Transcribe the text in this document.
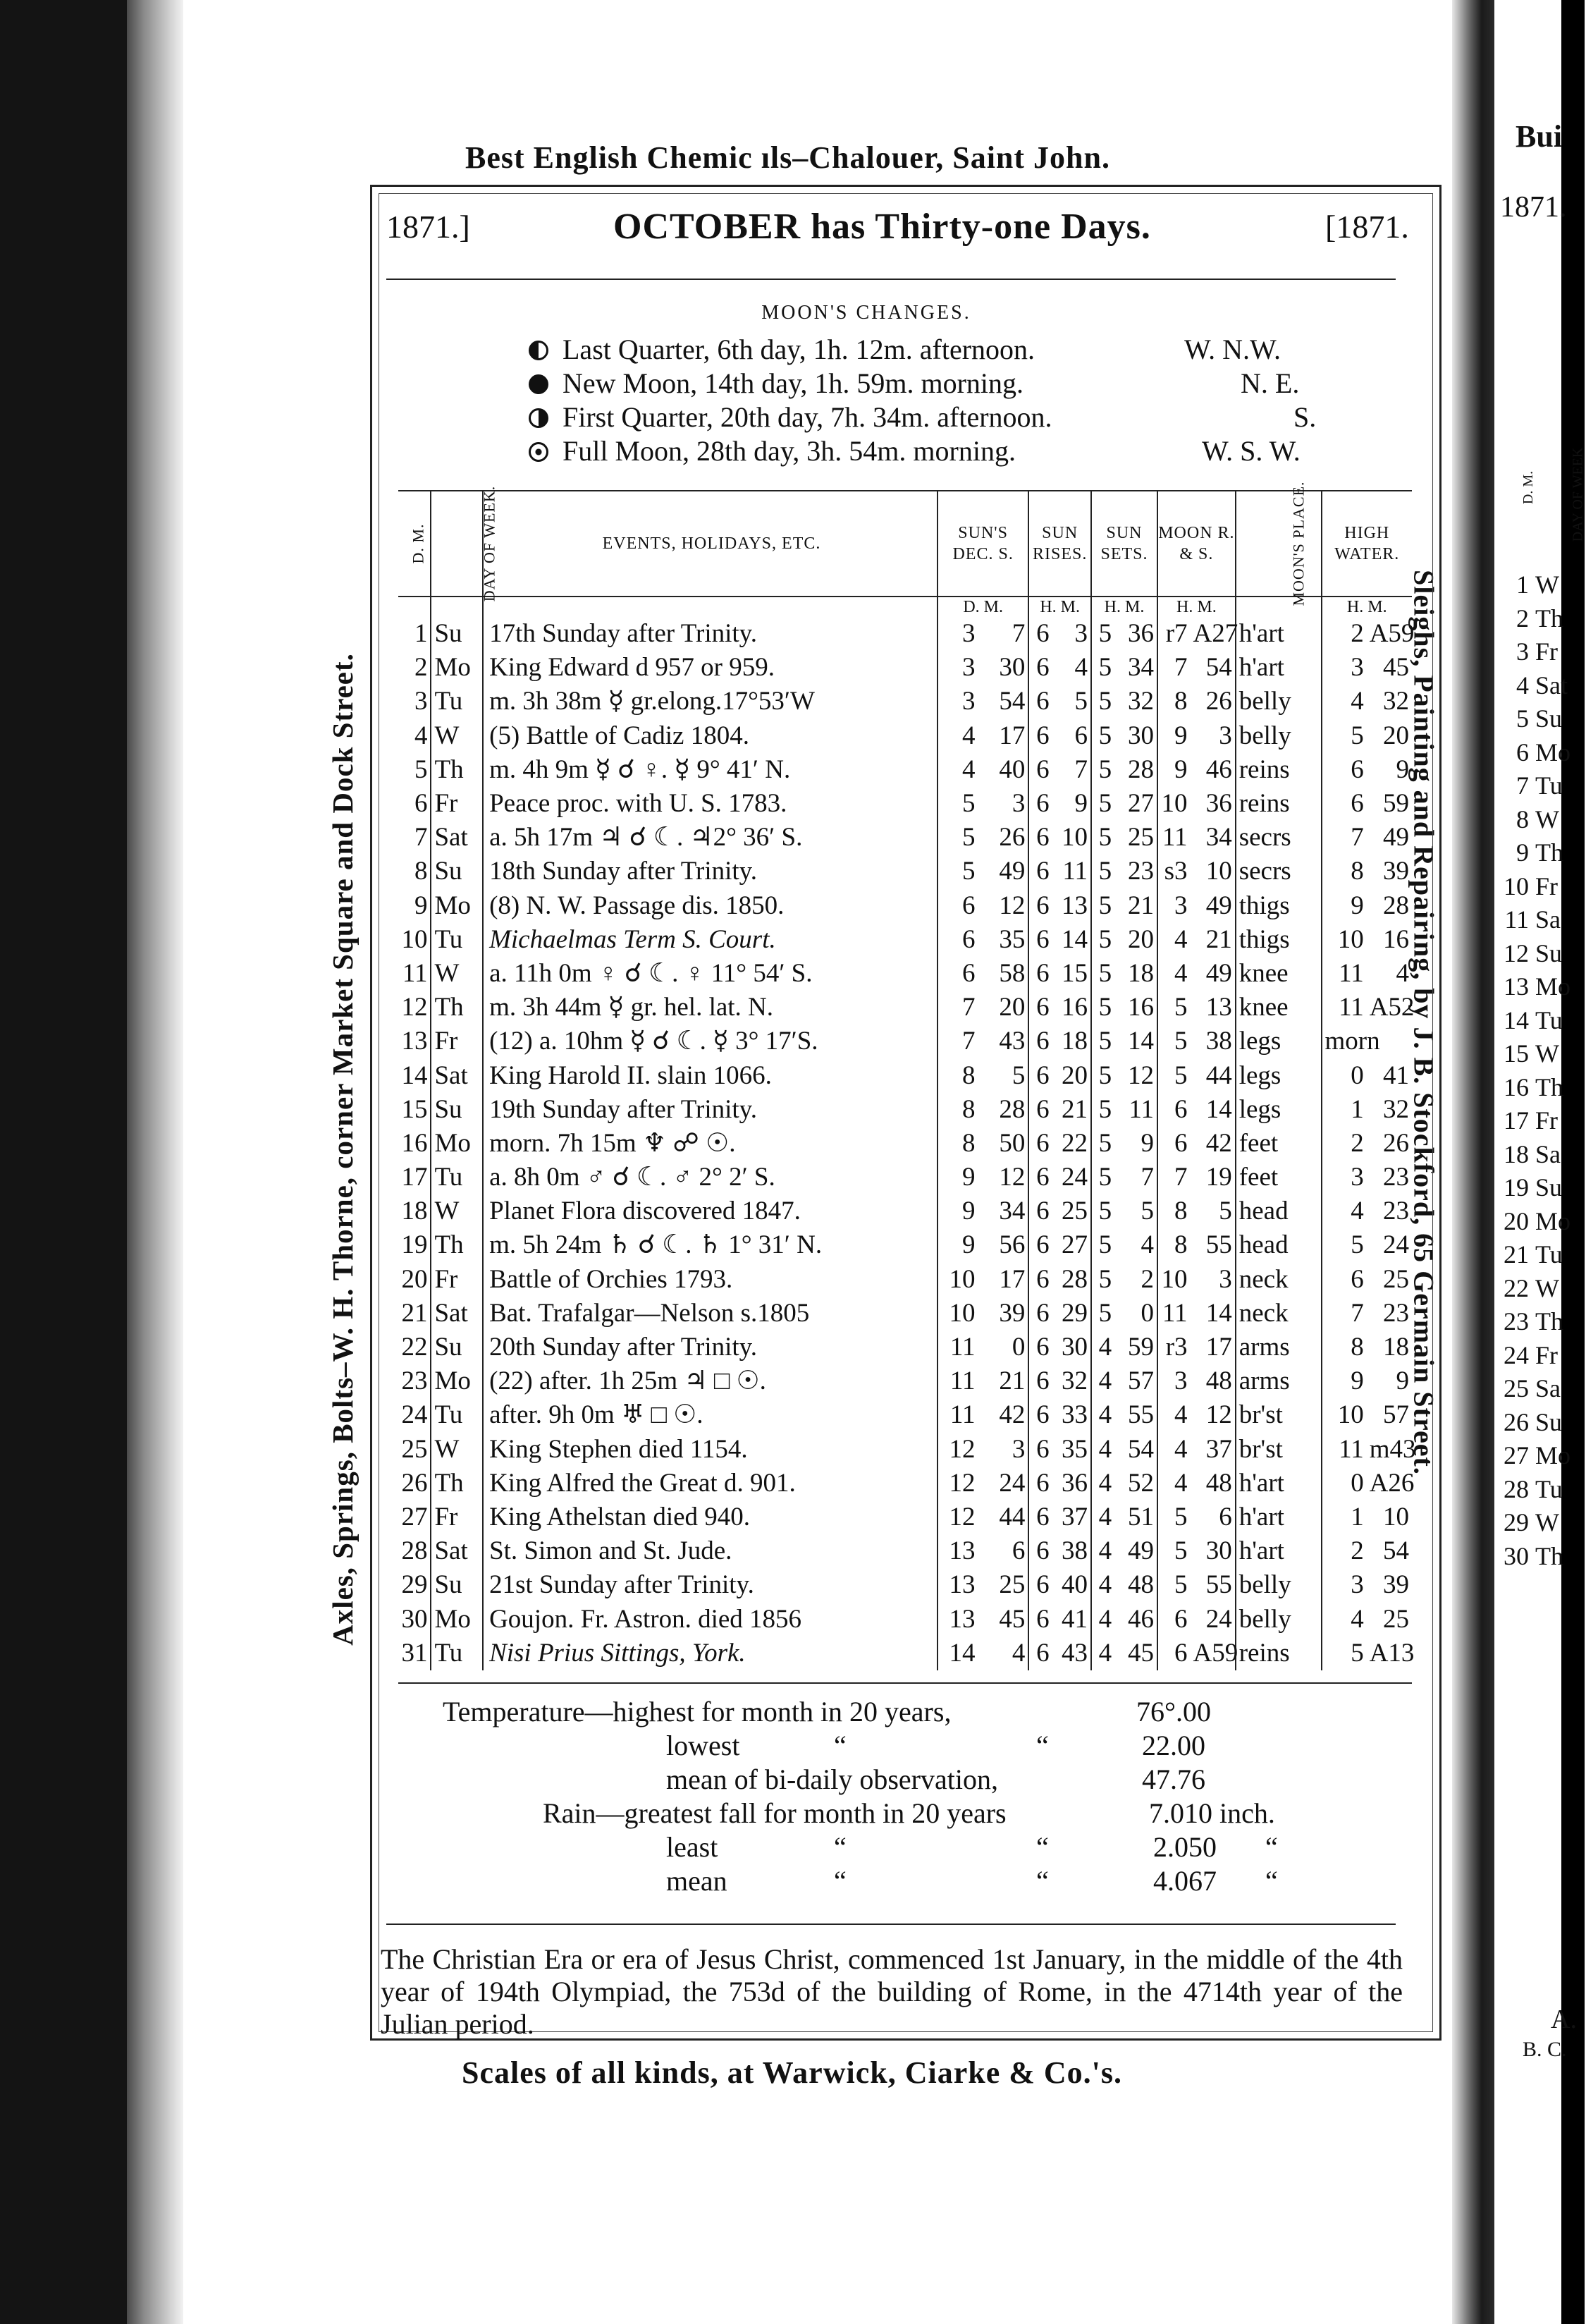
Best English Chemic ıls–Chalouer, Saint John.
Axles, Springs, Bolts–W. H. Thorne, corner Market Square and Dock Street.	Sleighs, Painting and Repairing, by J. B. Stockford, 65 Germain Street.
1871.]	OCTOBER has Thirty-one Days.	[1871.
MOON'S CHANGES.
Last Quarter, 6th day, 1h. 12m. afternoon.	W. N.W.
New Moon, 14th day, 1h. 59m. morning.	N. E.
First Quarter, 20th day, 7h. 34m. afternoon.	S.
Full Moon, 28th day, 3h. 54m. morning.	W. S. W.
D. M.	DAY OF WEEK.		EVENTS, HOLIDAYS, ETC.	SUN'S DEC. S.		SUN RISES.		SUN SETS.		MOON R. & S.		MOON'S PLACE.	HIGH WATER.	
				D. M.		H. M.		H. M.		H. M.			H. M.	
1	Su		17th Sunday after Trinity.	3	7	6	3	5	36	r7	A27	h'art	2	A59
2	Mo		King Edward d 957 or 959.	3	30	6	4	5	34	7	54	h'art	3	45
3	Tu		m. 3h 38m ☿ gr.elong.17°53′W	3	54	6	5	5	32	8	26	belly	4	32
4	W		(5) Battle of Cadiz 1804.	4	17	6	6	5	30	9	3	belly	5	20
5	Th		m. 4h 9m ☿ ☌ ♀. ☿ 9° 41′ N.	4	40	6	7	5	28	9	46	reins	6	9
6	Fr		Peace proc. with U. S. 1783.	5	3	6	9	5	27	10	36	reins	6	59
7	Sat		a. 5h 17m ♃ ☌ ☾. ♃2° 36′ S.	5	26	6	10	5	25	11	34	secrs	7	49
8	Su		18th Sunday after Trinity.	5	49	6	11	5	23	s3	10	secrs	8	39
9	Mo		(8) N. W. Passage dis. 1850.	6	12	6	13	5	21	3	49	thigs	9	28
10	Tu		Michaelmas Term S. Court.	6	35	6	14	5	20	4	21	thigs	10	16
11	W		a. 11h 0m ♀ ☌ ☾. ♀ 11° 54′ S.	6	58	6	15	5	18	4	49	knee	11	4
12	Th		m. 3h 44m ☿ gr. hel. lat. N.	7	20	6	16	5	16	5	13	knee	11	A52
13	Fr		(12) a. 10hm ☿ ☌ ☾. ☿ 3° 17′S.	7	43	6	18	5	14	5	38	legs	morn	
14	Sat		King Harold II. slain 1066.	8	5	6	20	5	12	5	44	legs	0	41
15	Su		19th Sunday after Trinity.	8	28	6	21	5	11	6	14	legs	1	32
16	Mo		morn. 7h 15m ♆ ☍ ☉.	8	50	6	22	5	9	6	42	feet	2	26
17	Tu		a. 8h 0m ♂ ☌ ☾. ♂ 2° 2′ S.	9	12	6	24	5	7	7	19	feet	3	23
18	W		Planet Flora discovered 1847.	9	34	6	25	5	5	8	5	head	4	23
19	Th		m. 5h 24m ♄ ☌ ☾. ♄ 1° 31′ N.	9	56	6	27	5	4	8	55	head	5	24
20	Fr		Battle of Orchies 1793.	10	17	6	28	5	2	10	3	neck	6	25
21	Sat		Bat. Trafalgar—Nelson s.1805	10	39	6	29	5	0	11	14	neck	7	23
22	Su		20th Sunday after Trinity.	11	0	6	30	4	59	r3	17	arms	8	18
23	Mo		(22) after. 1h 25m ♃ □ ☉.	11	21	6	32	4	57	3	48	arms	9	9
24	Tu		after. 9h 0m ♅ □ ☉.	11	42	6	33	4	55	4	12	br'st	10	57
25	W		King Stephen died 1154.	12	3	6	35	4	54	4	37	br'st	11	m43
26	Th		King Alfred the Great d. 901.	12	24	6	36	4	52	4	48	h'art	0	A26
27	Fr		King Athelstan died 940.	12	44	6	37	4	51	5	6	h'art	1	10
28	Sat		St. Simon and St. Jude.	13	6	6	38	4	49	5	30	h'art	2	54
29	Su		21st Sunday after Trinity.	13	25	6	40	4	48	5	55	belly	3	39
30	Mo		Goujon. Fr. Astron. died 1856	13	45	6	41	4	46	6	24	belly	4	25
31	Tu		Nisi Prius Sittings, York.	14	4	6	43	4	45	6	A59	reins	5	A13
Temperature—highest for month in 20 years,	76°.00
lowest	“	“	22.00
mean of bi-daily observation,	47.76
Rain—greatest fall for month in 20 years	7.010 inch.
least	“	“	2.050 “
mean	“	“	4.067 “
The Christian Era or era of Jesus Christ, commenced 1st January, in the middle of the 4th year of 194th Olympiad, the 753d of the building of Rome, in the 4714th year of the Julian period.
Scales of all kinds, at Warwick, Ciarke & Co.'s.
Bui
1871.
D. M. DAY OF WEEK
1 W
2 Th
3 Fr
4 Sat
5 Su
6 Mo
7 Tu
8 W
9 Th
10 Fr
11 Sa
12 Su
13 Mo
14 Tu
15 W
16 Th
17 Fr
18 Sa
19 Su
20 Mo
21 Tu
22 W
23 Th
24 Fr
25 Sa
26 Su
27 Mo
28 Tu
29 W
30 Th
A.
B. C.
